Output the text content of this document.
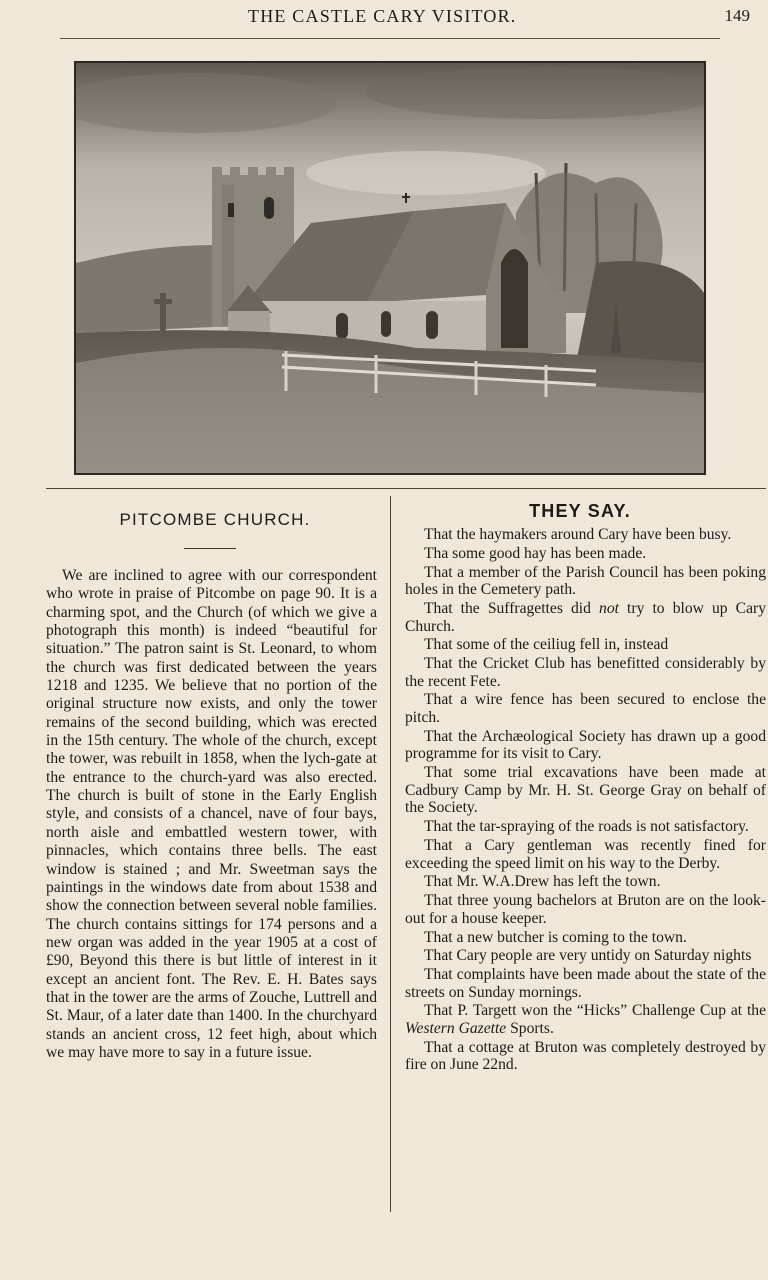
THE CASTLE CARY VISITOR.	149
PITCOMBE CHURCH.

We are inclined to agree with our correspondent who wrote in praise of Pitcombe on page 90. It is a charming spot, and the Church (of which we give a photograph this month) is indeed “beautiful for situation.” The patron saint is St. Leonard, to whom the church was first dedicated between the years 1218 and 1235. We believe that no portion of the original structure now exists, and only the tower remains of the second building, which was erected in the 15th century. The whole of the church, except the tower, was rebuilt in 1858, when the lych-gate at the entrance to the church-yard was also erected. The church is built of stone in the Early English style, and consists of a chancel, nave of four bays, north aisle and embattled western tower, with pinnacles, which contains three bells. The east window is stained ; and Mr. Sweetman says the paintings in the windows date from about 1538 and show the connection between several noble families. The church contains sittings for 174 persons and a new organ was added in the year 1905 at a cost of £90, Beyond this there is but little of interest in it except an ancient font. The Rev. E. H. Bates says that in the tower are the arms of Zouche, Luttrell and St. Maur, of a later date than 1400. In the churchyard stands an ancient cross, 12 feet high, about which we may have more to say in a future issue.

THEY SAY.

That the haymakers around Cary have been busy.

Tha some good hay has been made.

That a member of the Parish Council has been poking holes in the Cemetery path.

That the Suffragettes did not try to blow up Cary Church.

That some of the ceiliug fell in, instead

That the Cricket Club has benefitted considerably by the recent Fete.

That a wire fence has been secured to enclose the pitch.

That the Archæological Society has drawn up a good programme for its visit to Cary.

That some trial excavations have been made at Cadbury Camp by Mr. H. St. George Gray on behalf of the Society.

That the tar-spraying of the roads is not satisfactory.

That a Cary gentleman was recently fined for exceeding the speed limit on his way to the Derby.

That Mr. W.A.Drew has left the town.

That three young bachelors at Bruton are on the look-out for a house keeper.

That a new butcher is coming to the town.

That Cary people are very untidy on Saturday nights

That complaints have been made about the state of the streets on Sunday mornings.

That P. Targett won the “Hicks” Challenge Cup at the Western Gazette Sports.

That a cottage at Bruton was completely destroyed by fire on June 22nd.
